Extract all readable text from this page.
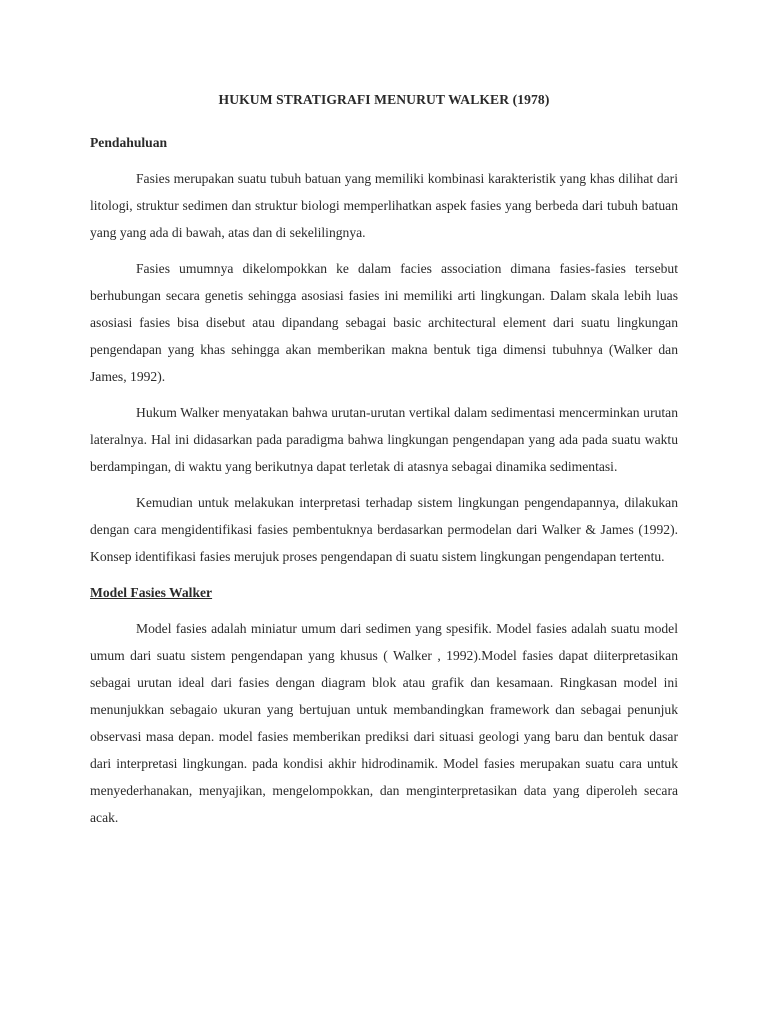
HUKUM STRATIGRAFI MENURUT WALKER (1978)
Pendahuluan

Fasies merupakan suatu tubuh batuan yang memiliki kombinasi karakteristik yang khas dilihat dari litologi, struktur sedimen dan struktur biologi memperlihatkan aspek fasies yang berbeda dari tubuh batuan yang yang ada di bawah, atas dan di sekelilingnya.

Fasies umumnya dikelompokkan ke dalam facies association dimana fasies-fasies tersebut berhubungan secara genetis sehingga asosiasi fasies ini memiliki arti lingkungan. Dalam skala lebih luas asosiasi fasies bisa disebut atau dipandang sebagai basic architectural element dari suatu lingkungan pengendapan yang khas sehingga akan memberikan makna bentuk tiga dimensi tubuhnya (Walker dan James, 1992).

Hukum Walker menyatakan bahwa urutan-urutan vertikal dalam sedimentasi mencerminkan urutan lateralnya. Hal ini didasarkan pada paradigma bahwa lingkungan pengendapan yang ada pada suatu waktu berdampingan, di waktu yang berikutnya dapat terletak di atasnya sebagai dinamika sedimentasi.

Kemudian untuk melakukan interpretasi terhadap sistem lingkungan pengendapannya, dilakukan dengan cara mengidentifikasi fasies pembentuknya berdasarkan permodelan dari Walker & James (1992). Konsep identifikasi fasies merujuk proses pengendapan di suatu sistem lingkungan pengendapan tertentu.

Model Fasies Walker

Model fasies adalah miniatur umum dari sedimen yang spesifik. Model fasies adalah suatu model umum dari suatu sistem pengendapan yang khusus ( Walker , 1992).Model fasies dapat diiterpretasikan sebagai urutan ideal dari fasies dengan diagram blok atau grafik dan kesamaan. Ringkasan model ini menunjukkan sebagaio ukuran yang bertujuan untuk membandingkan framework dan sebagai penunjuk observasi masa depan. model fasies memberikan prediksi dari situasi geologi yang baru dan bentuk dasar dari interpretasi lingkungan. pada kondisi akhir hidrodinamik. Model fasies merupakan suatu cara untuk menyederhanakan, menyajikan, mengelompokkan, dan menginterpretasikan data yang diperoleh secara acak.
